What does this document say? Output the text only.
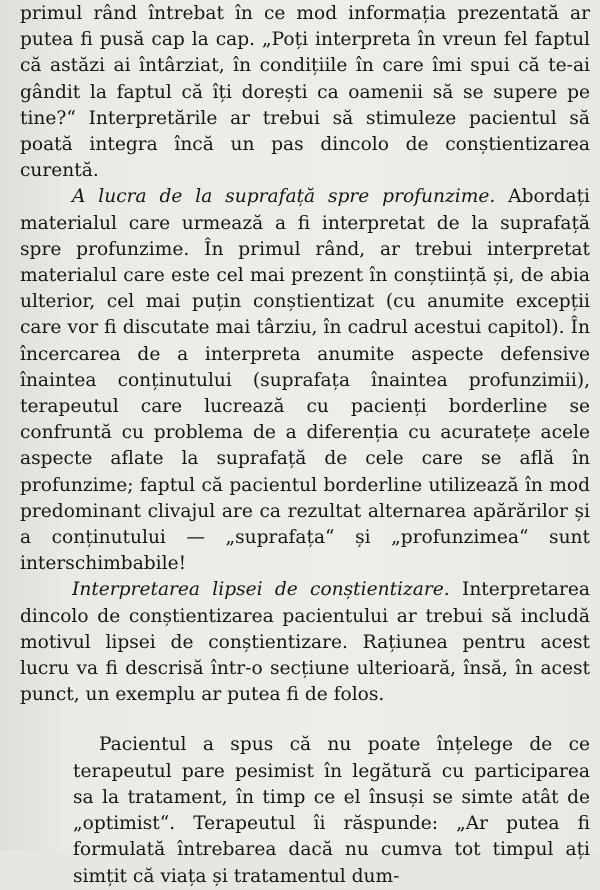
primul rând întrebat în ce mod informația prezentată ar putea fi pusă cap la cap. „Poți interpreta în vreun fel faptul că astăzi ai întârziat, în condițiile în care îmi spui că te-ai gândit la faptul că îți dorești ca oamenii să se supere pe tine?“ Interpretările ar trebui să stimuleze pacientul să poată integra încă un pas dincolo de conștientizarea curentă.

A lucra de la suprafață spre profunzime. Abordați materialul care urmează a fi interpretat de la suprafață spre profunzime. În primul rând, ar trebui interpretat materialul care este cel mai prezent în conștiință și, de abia ulterior, cel mai puțin conștientizat (cu anumite excepții care vor fi discutate mai târziu, în cadrul acestui capitol). În încercarea de a interpreta anumite aspecte defensive înaintea conținutului (suprafața înaintea profunzimii), terapeutul care lucrează cu pacienți borderline se confruntă cu problema de a diferenția cu acuratețe acele aspecte aflate la suprafață de cele care se află în profunzime; faptul că pacientul borderline utilizează în mod predominant clivajul are ca rezultat alternarea apărărilor și a conținutului — „suprafața“ și „profunzimea“ sunt interschimbabile!

Interpretarea lipsei de conștientizare. Interpretarea dincolo de conștientizarea pacientului ar trebui să includă motivul lipsei de conștientizare. Rațiunea pentru acest lucru va fi descrisă într-o secțiune ulterioară, însă, în acest punct, un exemplu ar putea fi de folos.

Pacientul a spus că nu poate înțelege de ce terapeutul pare pesimist în legătură cu participarea sa la tratament, în timp ce el însuși se simte atât de „optimist“. Terapeutul îi răspunde: „Ar putea fi formulată întrebarea dacă nu cumva tot timpul ați simțit că viața și tratamentul dum-
